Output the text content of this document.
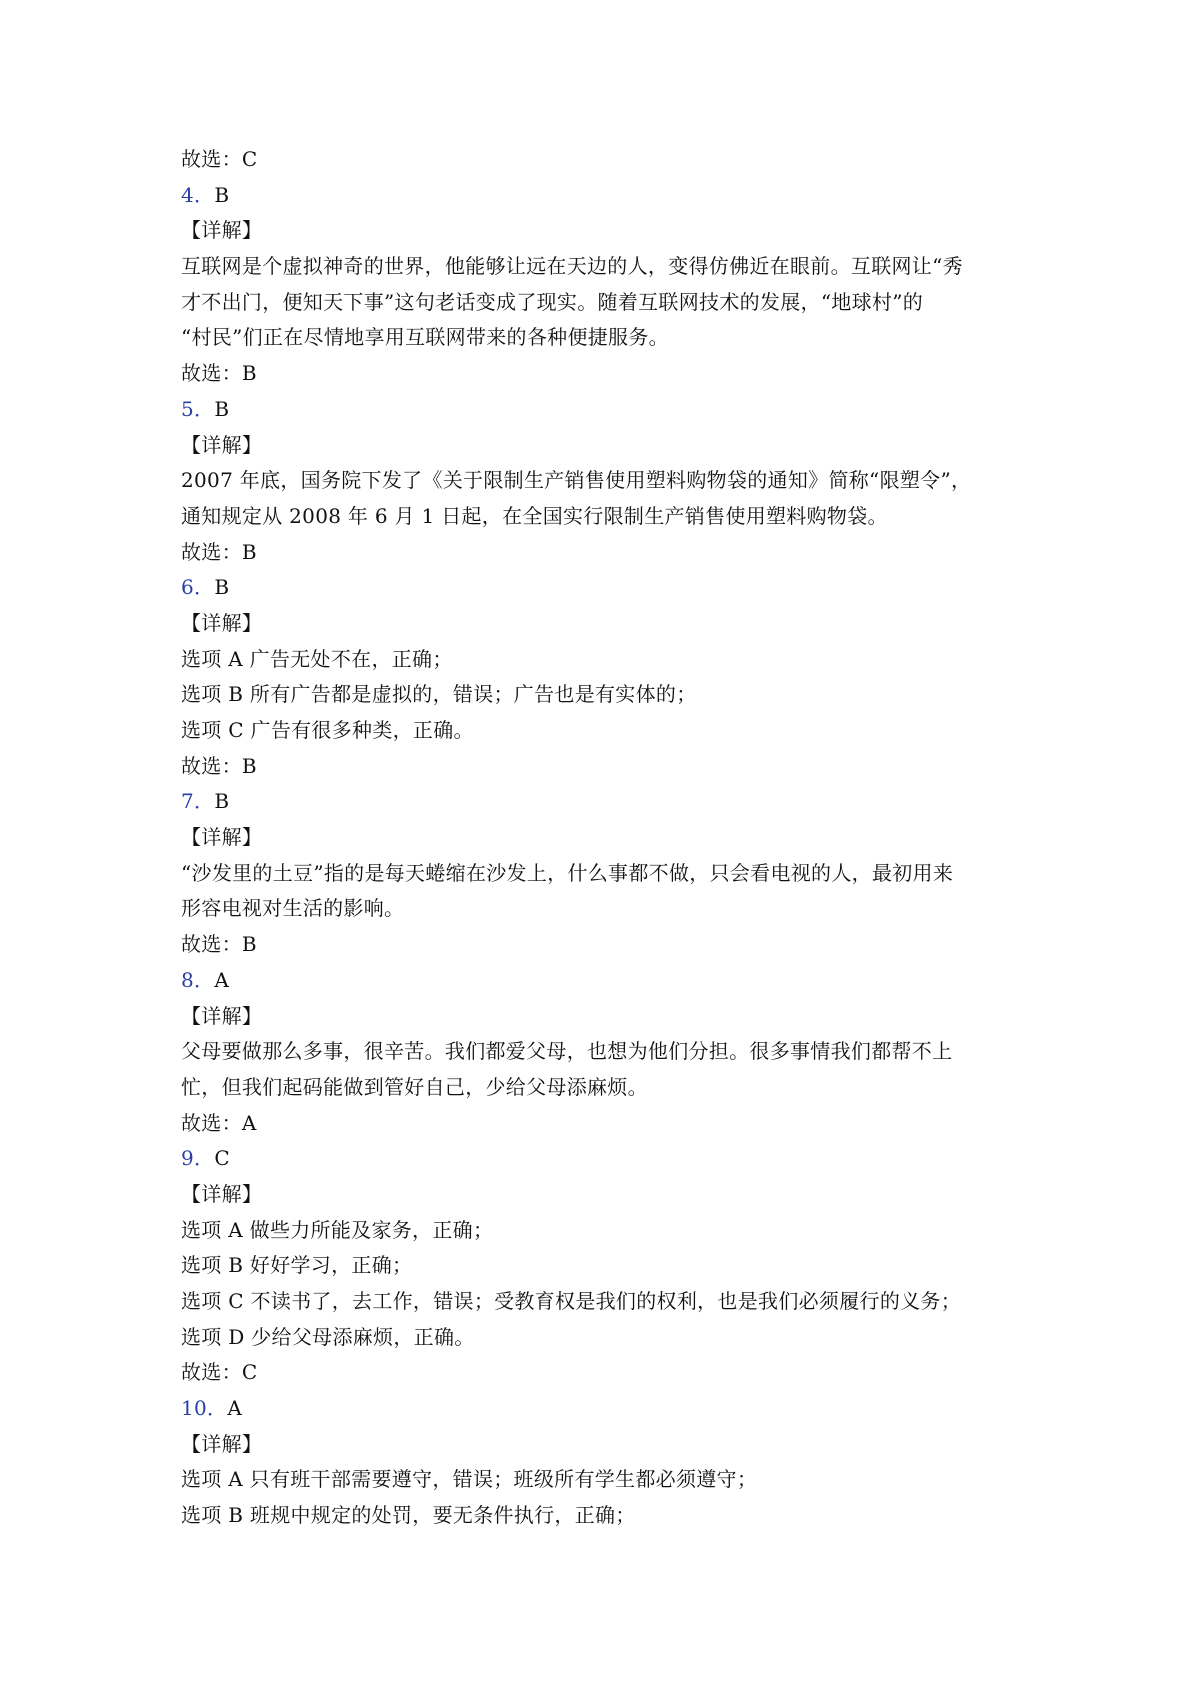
故选：C
4．B
【详解】
互联网是个虚拟神奇的世界，他能够让远在天边的人，变得仿佛近在眼前。互联网让“秀
才不出门，便知天下事”这句老话变成了现实。随着互联网技术的发展，“地球村”的
“村民”们正在尽情地享用互联网带来的各种便捷服务。
故选：B
5．B
【详解】
2007 年底，国务院下发了《关于限制生产销售使用塑料购物袋的通知》简称“限塑令”，
通知规定从 2008 年 6 月 1 日起，在全国实行限制生产销售使用塑料购物袋。
故选：B
6．B
【详解】
选项 A 广告无处不在，正确；
选项 B 所有广告都是虚拟的，错误；广告也是有实体的；
选项 C 广告有很多种类，正确。
故选：B
7．B
【详解】
“沙发里的土豆”指的是每天蜷缩在沙发上，什么事都不做，只会看电视的人，最初用来
形容电视对生活的影响。
故选：B
8．A
【详解】
父母要做那么多事，很辛苦。我们都爱父母，也想为他们分担。很多事情我们都帮不上
忙，但我们起码能做到管好自己，少给父母添麻烦。
故选：A
9．C
【详解】
选项 A 做些力所能及家务，正确；
选项 B 好好学习，正确；
选项 C 不读书了，去工作，错误；受教育权是我们的权利，也是我们必须履行的义务；
选项 D 少给父母添麻烦，正确。
故选：C
10．A
【详解】
选项 A 只有班干部需要遵守，错误；班级所有学生都必须遵守；
选项 B 班规中规定的处罚，要无条件执行，正确；
